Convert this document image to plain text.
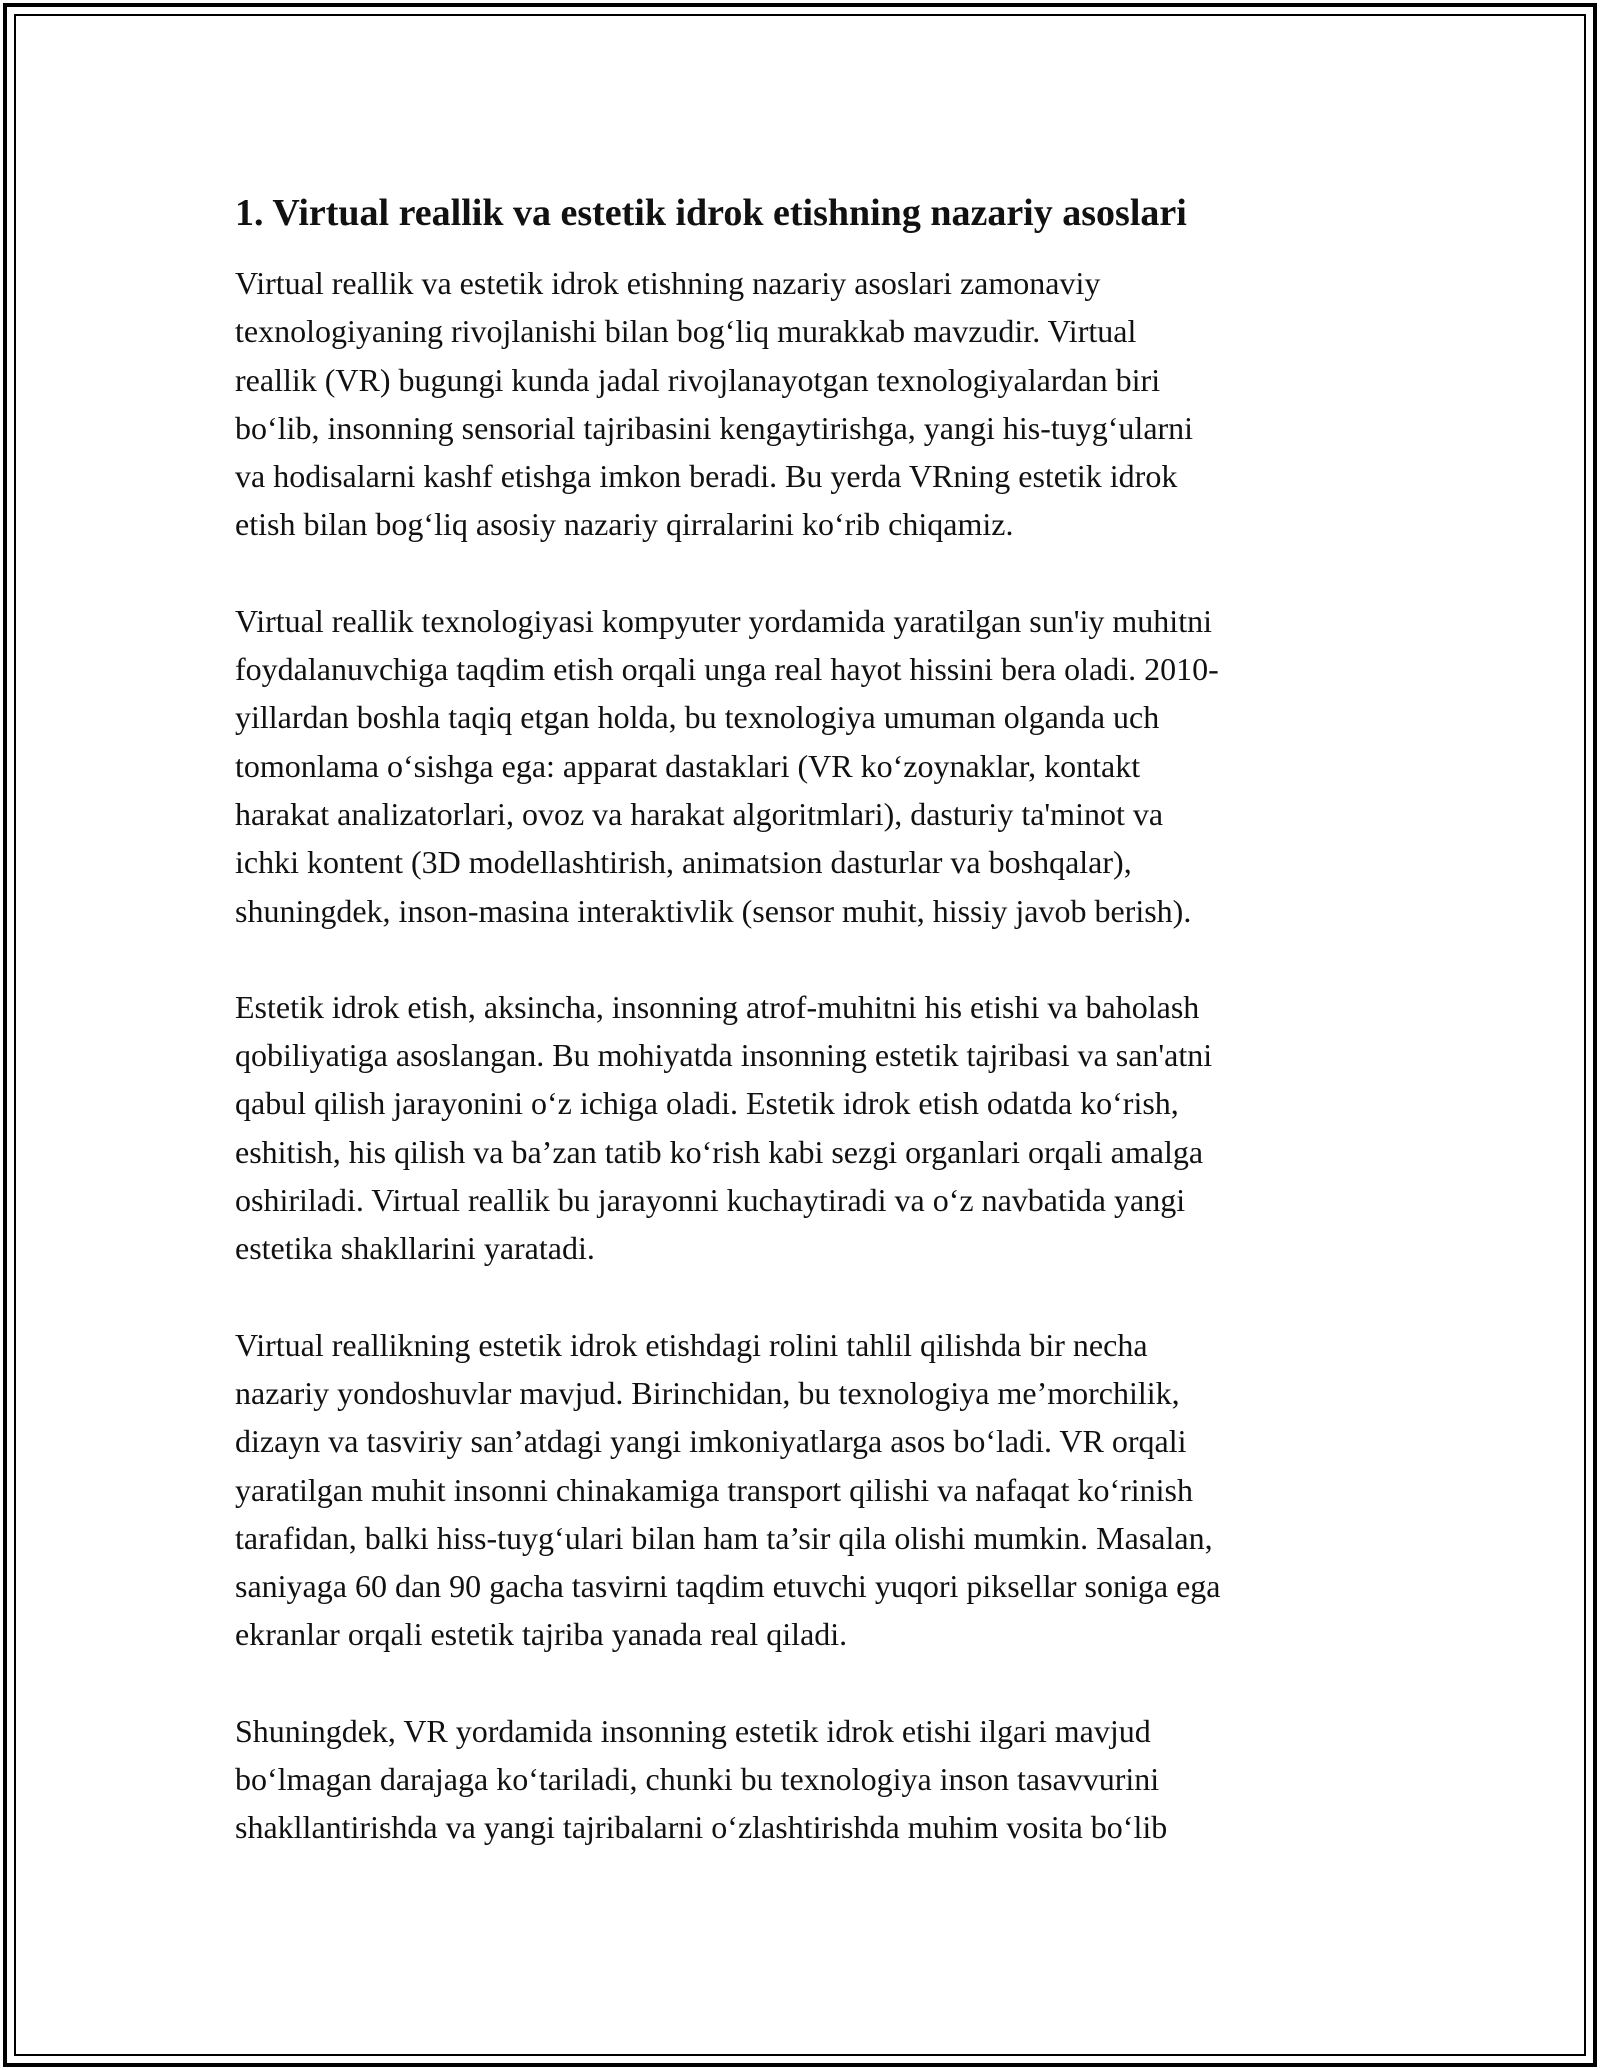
1. Virtual reallik va estetik idrok etishning nazariy asoslari
Virtual reallik va estetik idrok etishning nazariy asoslari zamonaviy
texnologiyaning rivojlanishi bilan bog‘liq murakkab mavzudir. Virtual
reallik (VR) bugungi kunda jadal rivojlanayotgan texnologiyalardan biri
bo‘lib, insonning sensorial tajribasini kengaytirishga, yangi his-tuyg‘ularni
va hodisalarni kashf etishga imkon beradi. Bu yerda VRning estetik idrok
etish bilan bog‘liq asosiy nazariy qirralarini ko‘rib chiqamiz.
Virtual reallik texnologiyasi kompyuter yordamida yaratilgan sun'iy muhitni
foydalanuvchiga taqdim etish orqali unga real hayot hissini bera oladi. 2010-
yillardan boshla taqiq etgan holda, bu texnologiya umuman olganda uch
tomonlama o‘sishga ega: apparat dastaklari (VR ko‘zoynaklar, kontakt
harakat analizatorlari, ovoz va harakat algoritmlari), dasturiy ta'minot va
ichki kontent (3D modellashtirish, animatsion dasturlar va boshqalar),
shuningdek, inson-masina interaktivlik (sensor muhit, hissiy javob berish).
Estetik idrok etish, aksincha, insonning atrof-muhitni his etishi va baholash
qobiliyatiga asoslangan. Bu mohiyatda insonning estetik tajribasi va san'atni
qabul qilish jarayonini o‘z ichiga oladi. Estetik idrok etish odatda ko‘rish,
eshitish, his qilish va ba’zan tatib ko‘rish kabi sezgi organlari orqali amalga
oshiriladi. Virtual reallik bu jarayonni kuchaytiradi va o‘z navbatida yangi
estetika shakllarini yaratadi.
Virtual reallikning estetik idrok etishdagi rolini tahlil qilishda bir necha
nazariy yondoshuvlar mavjud. Birinchidan, bu texnologiya me’morchilik,
dizayn va tasviriy san’atdagi yangi imkoniyatlarga asos bo‘ladi. VR orqali
yaratilgan muhit insonni chinakamiga transport qilishi va nafaqat ko‘rinish
tarafidan, balki hiss-tuyg‘ulari bilan ham ta’sir qila olishi mumkin. Masalan,
saniyaga 60 dan 90 gacha tasvirni taqdim etuvchi yuqori piksellar soniga ega
ekranlar orqali estetik tajriba yanada real qiladi.
Shuningdek, VR yordamida insonning estetik idrok etishi ilgari mavjud
bo‘lmagan darajaga ko‘tariladi, chunki bu texnologiya inson tasavvurini
shakllantirishda va yangi tajribalarni o‘zlashtirishda muhim vosita bo‘lib
